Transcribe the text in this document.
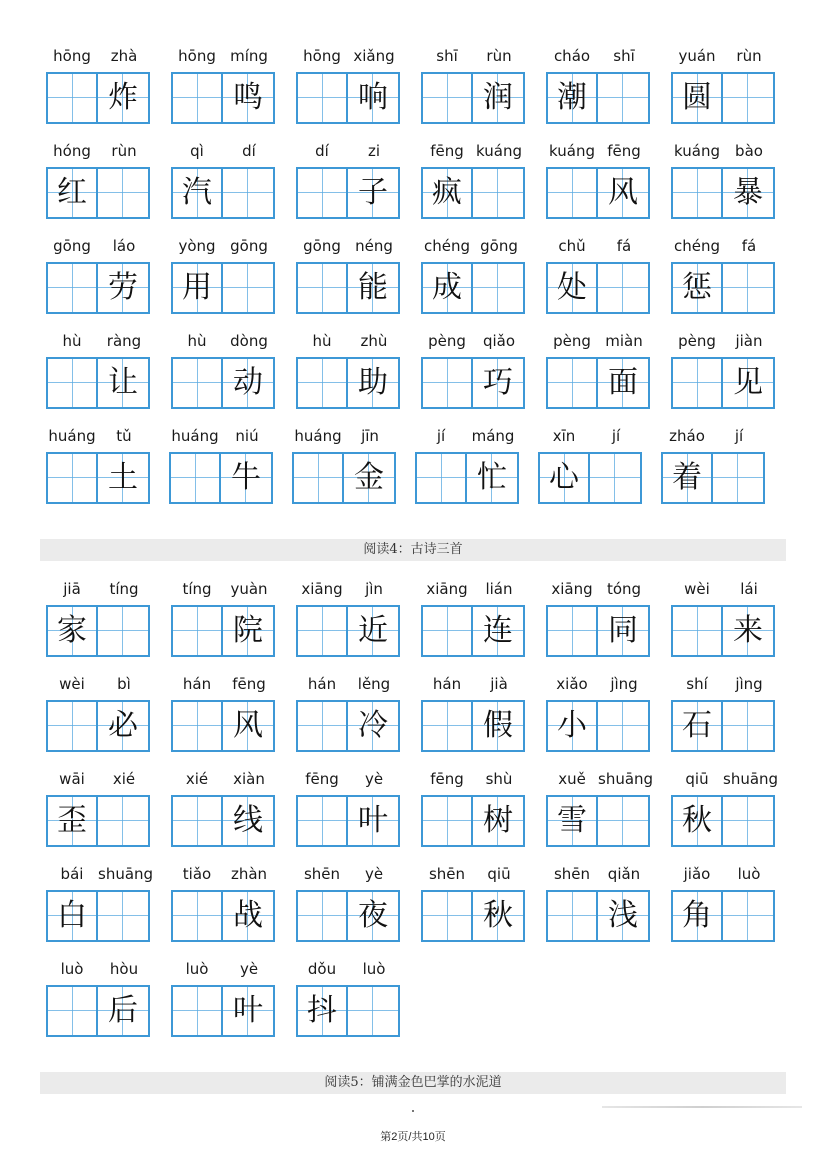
hōng	zhà
炸
hōng míng
鸣
hōng xiǎng
响
shī	rùn
润
cháo	shī
潮
yuán	rùn
圆
hóng	rùn
红
qì	dí
汽
dí	zi
子
fēng kuáng
疯
kuáng fēng
风
kuáng	bào
暴
gōng	láo
劳
yòng gōng
用
gōng néng
能
chéng gōng
成
chǔ	fá
处
chéng	fá
惩
hù	ràng
让
hù	dòng
动
hù	zhù
助
pèng	qiǎo
巧
pèng miàn
面
pèng	jiàn
见
huáng	tǔ
土
huáng	niú
牛
huáng	jīn
金
jí	máng
忙
xīn	jí
心
zháo	jí
着
阅读4：古诗三首
jiā	tíng
家
tíng	yuàn
院
xiāng	jìn
近
xiāng	lián
连
xiāng tóng
同
wèi	lái
来
wèi	bì
必
hán	fēng
风
hán	lěng
冷
hán	jià
假
xiǎo	jìng
小
shí	jìng
石
wāi	xié
歪
xié	xiàn
线
fēng	yè
叶
fēng	shù
树
xuě shuāng
雪
qiū shuāng
秋
bái shuāng
白
tiǎo	zhàn
战
shēn	yè
夜
shēn	qiū
秋
shēn	qiǎn
浅
jiǎo	luò
角
luò	hòu
后
luò	yè
叶
dǒu	luò
抖
阅读5：铺满金色巴掌的水泥道
第2页/共10页
